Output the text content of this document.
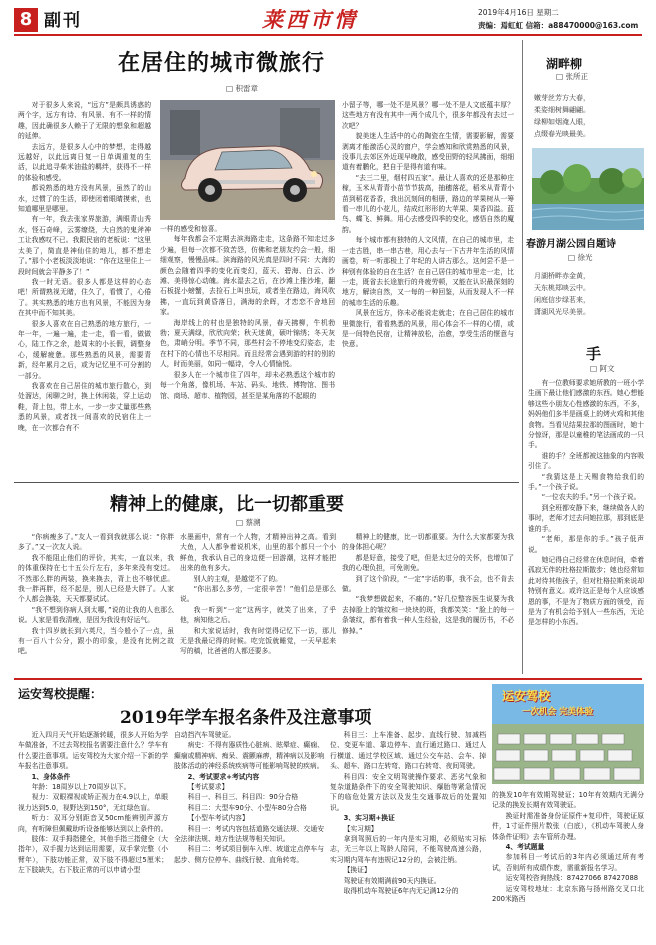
8 副刊	莱西市情	2019年4月16日 星期二
责编：焉虹虹 信箱：a88470000@163.com
在居住的城市微旅行
□ 积雷章

对于很多人来说，“远方”是颇具诱惑的两个字，远方有诗、有风景、有不一样的情趣，因此确很多人赖于了无限的想象和超越的延伸。

去远方，是很多人心中的梦想，走得越远越好，以此远离日复一日单调重复的生活，以此追寻柴米油盐的羁绊，获得不一样的体验和感受。

都说熟悉的地方没有风景，虽然了的山水，过惯了的生活，即使闭着眼睛摸索，也知道哪里是哪里。

有一年，我去张家界旅游，满眼青山秀水，怪石奇峰，云雾缭绕，大自然的鬼斧神工让我感叹不已。我跟民宿的老板说：“这里太美了，简直是神仙住的地儿，都不想走了。”那个小老板淡淡地说：“你在这里住上一段时间就会平静多了！”

我一时无语。很多人都是这样的心态吧！所谓熟视无睹，住久了，看惯了，心倦了。其实熟悉的地方也有风景，不能因为身在其中而不知其美。

很多人喜欢在自己熟悉的地方旅行，一年一年，一遍一遍，走一走，看一看，做做心，陆工作之余，趁周末的小长假，调整身心，缓解疲惫。那些熟悉的风景，需要青新，经年累月之后，或为记忆里不可分割的一部分。

我喜欢在自己居住的城市旅行散心，到处溜达，闲聊之时，换上休闲装，穿上运动鞋，背上包，带上水，一步一步丈量那些熟悉的风景，或者找一间喜欢的民宿住上一晚，在一次都合有不

一样的感受和惊喜。

每年我都会不定期去滨海路走走，这条路不知走过多少遍，但每一次都不致苦怨，仿佛和老朋友约会一般，细细观察，慢慢品味。滨海路的风光真是四时不同：大海的颜色会随着四季的变化而变幻，蓝天、碧海、白云、沙滩、美得惊心动魄。海水湿去之后，在沙滩上推沙堆，翻石板捉小螃蟹，去捡石上叫虫玩，或者坐在路边，海风吹拂，一直玩到黄昏落日，满海的余晖，才恋恋不舍地回家。

海岸线上的村也是独特的风景，春天拂柳，牛机勃勃；夏天满绿，欣欣向荣；秋天迷黄，硕叶锦绣；冬天灰色，肃峭分明。季节不同，那些村会不停地变幻姿态，走在村下的心情也不尽相同。而且经常会遇到游的村的别的人，时而美丽，如同一幅诗，令人心情愉悦。

很多人在一个城市住了四年，却未必熟悉这个城市的每一个角落，像机场、车站、码头、地铁、博物馆、图书馆、商场、超市、植物园，甚至是某角落的不起眼的

小留子等，哪一处不是风景？哪一处不是人文底蕴丰厚？这些地方有没有其中一两个成几个，很多年都没有去过一次吧？

貌美迷人生活中的心的陶瓷在生情，需要影解，需要剥离才能激活心灵的窗户，学会感知和欣赏熟悉的风景，没事儿去郊区外近现早晚散，感受田野的轻风拂面，细细道有着鹏化，把自于是得有道有味。

“去三二里，烟村四五家”。最让人喜欢的还是那种庄稼，玉米从青青小苗节节拔高，抽穗落花，稻米从青青小苗到稻花香香，我出沉刻间的相册，路边的苹果树从一筹看一串儿的小花儿，结成红形形的大苹果、果香四溢。蓝鸟、蝶飞、鲜舞。用心去感受四季的变化，感悟自然的魔韵。

每个城市都有独特的人文风情，在自己的城市里，走一走古胜，串一串古巷，用心去与一下古井年生活的风情画卷，听一听那极上了年纪的人讲古那么，这何尝不是一种别有体验的自在生活？在自己居住的城市里走一走，比一走，既省去长途旅行的舟疲劳顿，又能在认识最深刻的地方，解读自然，又一每的一种回鉴，从而发现人不一样的城市生活的乐趣。

风景在远方，你未必能说走就走；在自己居住的城市里微旅行，看看熟悉的风景，用心体会不一样的心情，或是一间特色民宿，让精神放松，治愈，享受生活的惬意与快意。

精神上的健康，比一切都重要
□ 蔡溯

“你病瘦多了。”友人一看到我就那么说：“你胖多了。”又一次友人说。

我不能阻止他们的评价，其实，一直以来，我的体重保持在七十五公斤左右，多年来没有变过。不然那么胖的两装，换来换去，背上也不够忧虑。我一胖再胖，经不起是，别人已经是大胖了。人家个人都会换装，天天都要试试。

“我不想到你病人到太哪，”说的让我的人也那么说。人家是看我清瘦，是因为我没有好运气。

我十四岁就长到六英尺，当今般小了一点，虽有一百八十公分，跟小的印象，是没有比例之故吧。

水墨画中，常有一个人物，才精神出神之高。看到大鱼，人人都争着说机米，山里的那个都只一个小鲜鱼，我承认自己的身边便一回游潮，这样才能把出来的鱼有多大。

别人的主观，是越觉不了的。

“你出那么多劳，一定很辛苦！”他们总是那么说。

我一听到“一定”这两字，就笑了出来，了乎他，病知他之后。

和大家说话时，我有时觉得记忆下一访，那儿无是我最记得的时候。吃完饭就睡觉，一天早起来写的稿，比爸爸的人都还要多。

精神上的健康，比一切都重要。为什么大家都要为我的身体担心呢？

都是好意，接受了吧，但是太过分的关怀，也增加了我的心理负担，可免则免。

到了这个阶段，“一定”字话的事，我不会，也不肯去做。

“我梦想做起来，不痛的。”好几位整容医生说要为我去掉脸上的皱纹和一块块的斑，我都笑笑：“脸上的每一条皱纹，都有着我一种人生经验，这是我的履历书，不必修掉。”

湖畔柳
□ 张所正
嫩芽丝芳方大春，
柔姿细树舞翩翩。
绿柳如烟淹人眼，
点缀春光映最美。
春游月湖公园自题诗
□ 徐光
月湖桥畔赤金黄，
天东桃郑映云中。
闲庭信步绿茗来，
潇湖风光尽美景。
手
□ 阿文

有一位教师要求她所教的一班小学生画下最让他们感激的东西。她心想能够这些小朋友心性感激的东西，不多，妈妈他们多半是画桌上的烤火鸡和其他食物。当看见结果拉那的图画时，她十分惊讶，那是以童稚的笔法画成的一只手。

谁的手？全班都被这抽象的内容吸引住了。

“我猜这是上天赐食物给我们的手。”一个孩子说。

“一位农夫的手。”另一个孩子说。

到全班都安静下来，继续做各人的事时，老师才过去问她拉那，那到底是谁的手。

“老师，那是你的手。”孩子低声说。

她记得自己经常在休息时间，牵着孤寂无伴的杜格拉斯散步；她也经常如此对待其他孩子，但对杜格拉斯来说却特别有意义。或许这正是每个人应该感恩的事，不是为了物质方面的领受，而是为了有机会给予别人一些东西，无论是怎样的小东西。

运安驾校提醒：
2019年学车报名条件及注意事项
运安驾校
一次机会 完美体验

近入四月天气开始逐渐转暖，很多人开始为学车做准备，不过去驾校报名需要注意什么？学车有什么要注意事项。运安驾校为大家介绍一下新的学车报名注意事项。

1、身体条件

年龄：18周岁以上70周岁以下。

视力：双眼裸视或矫正视力在4.9以上，单眼视力达到5.0，视野达到150°，无红绿色盲。

听力：双耳分别距音叉50cm能辨别声源方向，有听障但佩戴助听设备能够达到以上条件的。

肢体：双手拇指健全，其他手指三指健全（大指年），双手握力达到运用需要，双手掌完整（小臂年），下肢功能正常，双下肢不得超过5厘米；左下肢缺失，右下肢正常的可以申请小型

自动挡汽车驾驶证。

病史：不得有器质性心脏病、眩晕症、癫痫、癫痫或精神病、痴呆、震颤麻痹，精神病以及影响肢体活动的神经系统疾病等可能影响驾驶的疾病。

2、考试要求+考试内容

【考试要求】

科目一、科目三、科目四：90分合格

科目二：大型车90分、小型车80分合格

【小型车考试内容】

科目一：考试内容包括道路交通法规、交通安全法律法规、地方性法规等相关知识。

科目二：考试项目倒车入库、坡道定点停车与起步、侧方位停车、曲线行驶、直角转弯。

科目三：上车准备、起步、直线行驶、加减档位、变更车道、靠边停车、直行通过路口、通过人行横道、通过学校区域、通过公交车站、会车、掉头、超车、路口左转弯、路口右转弯、夜间驾驶。

科目四：安全文明驾驶操作要求、恶劣气象和复杂道路条件下的安全驾驶知识、爆胎等紧急情况下的临危处置方法以及发生交通事故后的处置知识。

3、实习期+换证

【实习期】

拿到驾照后的一年内是实习期，必须贴实习标志，无三年以上驾龄人陪同，不能驾驶高速公路，实习期内驾车有违规记12分的，会被注销。

【换证】

驾驶证有效期满前90天内换证。

取得机动车驾驶证6年内无记满12分的

的换发10年有效期驾驶证；10年有效期内无满分记录的换发长期有效驾驶证。

换证时需准备身份证原件+复印件，驾驶证原件，1寸证件照片数张（白底），《机动车驾驶人身体条件证明》去车管所办理。

4、考试题量

参加科目一考试后的3年内必须通过所有考试，否则所有成绩作废，需重新报名学习。

运安驾校咨询热线：87427066 87427088

运安驾校地址：北京东路与扬州路交叉口北200米路西
